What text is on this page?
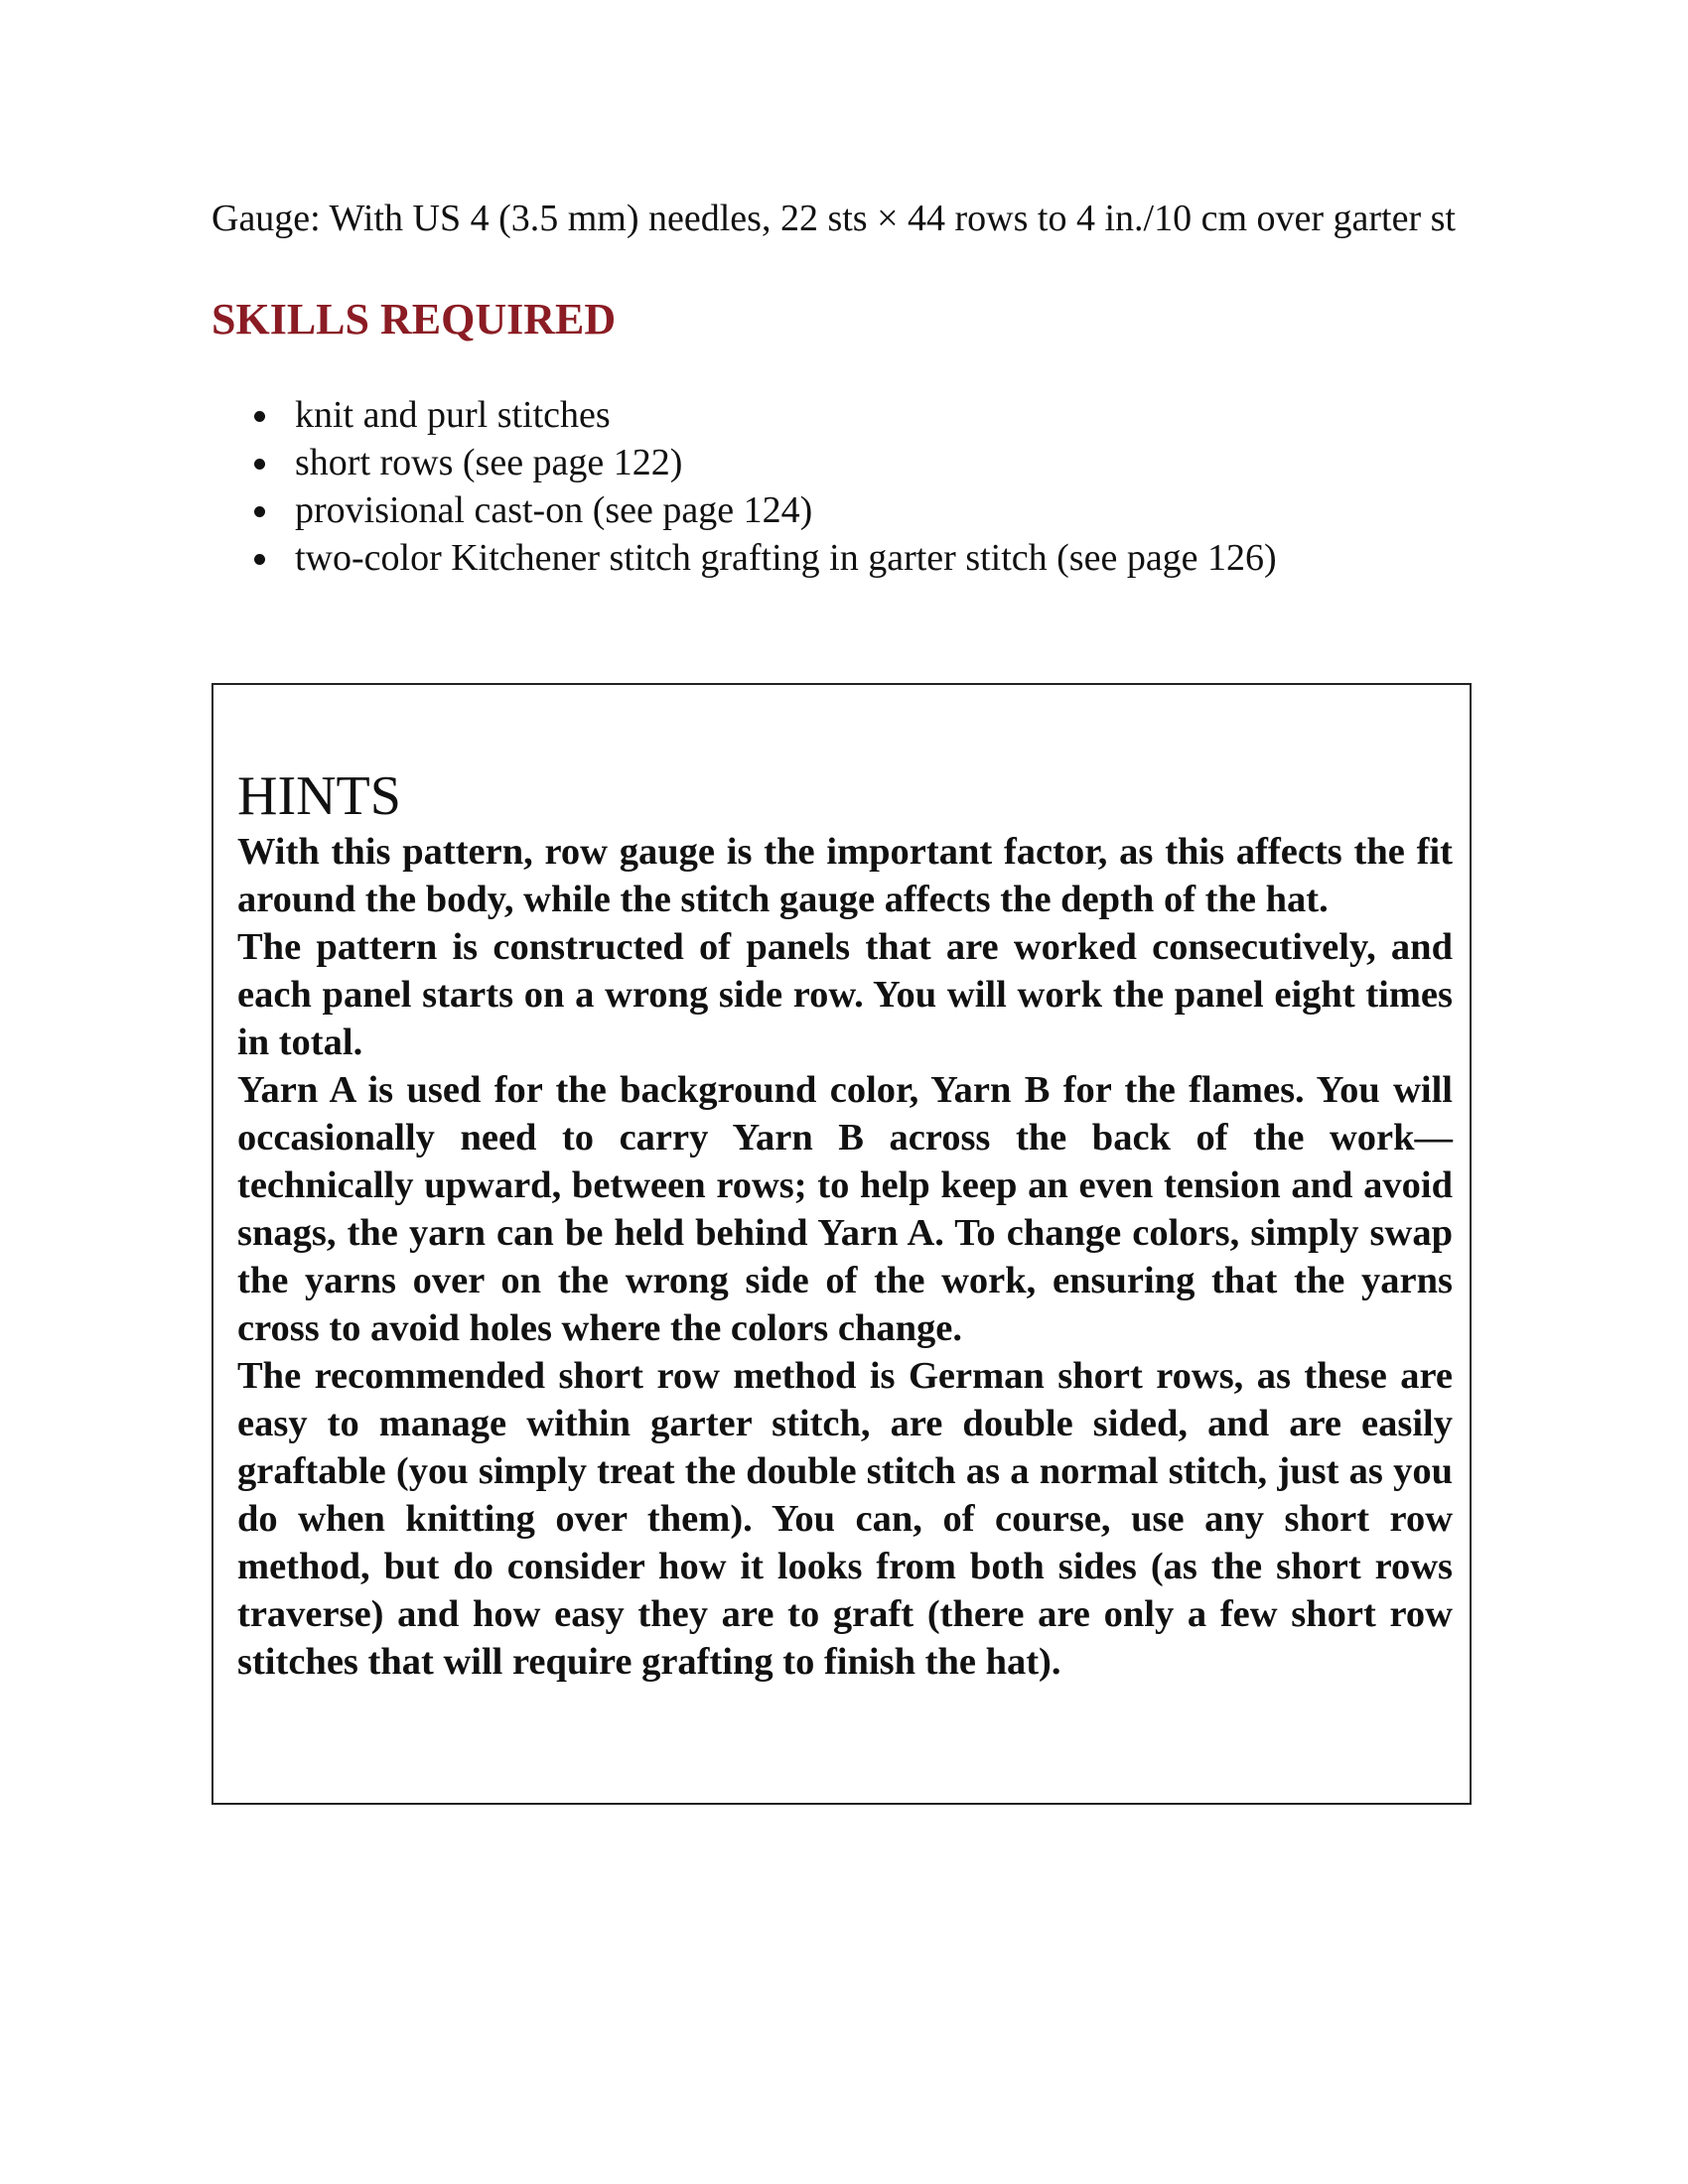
Gauge: With US 4 (3.5 mm) needles, 22 sts × 44 rows to 4 in./10 cm over garter st

SKILLS REQUIRED
knit and purl stitches
short rows (see page 122)
provisional cast-on (see page 124)
two-color Kitchener stitch grafting in garter stitch (see page 126)
HINTS

With this pattern, row gauge is the important factor, as this affects the fit around the body, while the stitch gauge affects the depth of the hat.

The pattern is constructed of panels that are worked consecutively, and each panel starts on a wrong side row. You will work the panel eight times in total.

Yarn A is used for the background color, Yarn B for the flames. You will occasionally need to carry Yarn B across the back of the work—technically upward, between rows; to help keep an even tension and avoid snags, the yarn can be held behind Yarn A. To change colors, simply swap the yarns over on the wrong side of the work, ensuring that the yarns cross to avoid holes where the colors change.

The recommended short row method is German short rows, as these are easy to manage within garter stitch, are double sided, and are easily graftable (you simply treat the double stitch as a normal stitch, just as you do when knitting over them). You can, of course, use any short row method, but do consider how it looks from both sides (as the short rows traverse) and how easy they are to graft (there are only a few short row stitches that will require grafting to finish the hat).
